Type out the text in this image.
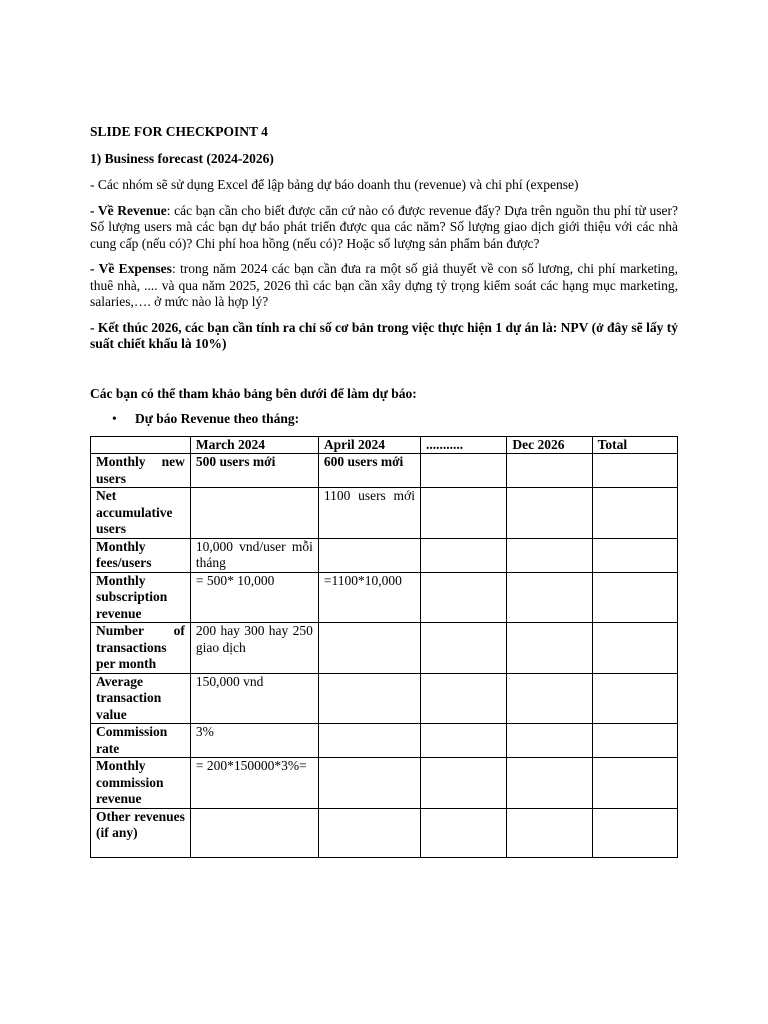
SLIDE FOR CHECKPOINT 4
1) Business forecast (2024-2026)

- Các nhóm sẽ sử dụng Excel để lập bảng dự báo doanh thu (revenue) và chi phí (expense)

- Về Revenue: các bạn cần cho biết được căn cứ nào có được revenue đấy? Dựa trên nguồn thu phí từ user? Số lượng users mà các bạn dự báo phát triển được qua các năm? Số lượng giao dịch giới thiệu với các nhà cung cấp (nếu có)? Chi phí hoa hồng (nếu có)? Hoặc số lượng sản phẩm bán được?

- Về Expenses: trong năm 2024 các bạn cần đưa ra một số giả thuyết về con số lương, chi phí marketing, thuê nhà, .... và qua năm 2025, 2026 thì các bạn cần xây dựng tỷ trọng kiểm soát các hạng mục marketing, salaries,…. ở mức nào là hợp lý?

- Kết thúc 2026, các bạn cần tính ra chỉ số cơ bản trong việc thực hiện 1 dự án là: NPV (ở đây sẽ lấy tỷ suất chiết khấu là 10%)

Các bạn có thể tham khảo bảng bên dưới để làm dự báo:
• Dự báo Revenue theo tháng:
	March 2024	April 2024	...........	Dec 2026	Total
Monthly new users	500 users mới	600 users mới			
Net accumulative users		1100 users mới			
Monthly fees/users	10,000 vnd/user mỗi tháng				
Monthly subscription revenue	= 500* 10,000	=1100*10,000			
Number of transactions per month	200 hay 300 hay 250 giao dịch				
Average transaction value	150,000 vnd				
Commission rate	3%				
Monthly commission revenue	= 200*150000*3%=				
Other revenues (if any)					
